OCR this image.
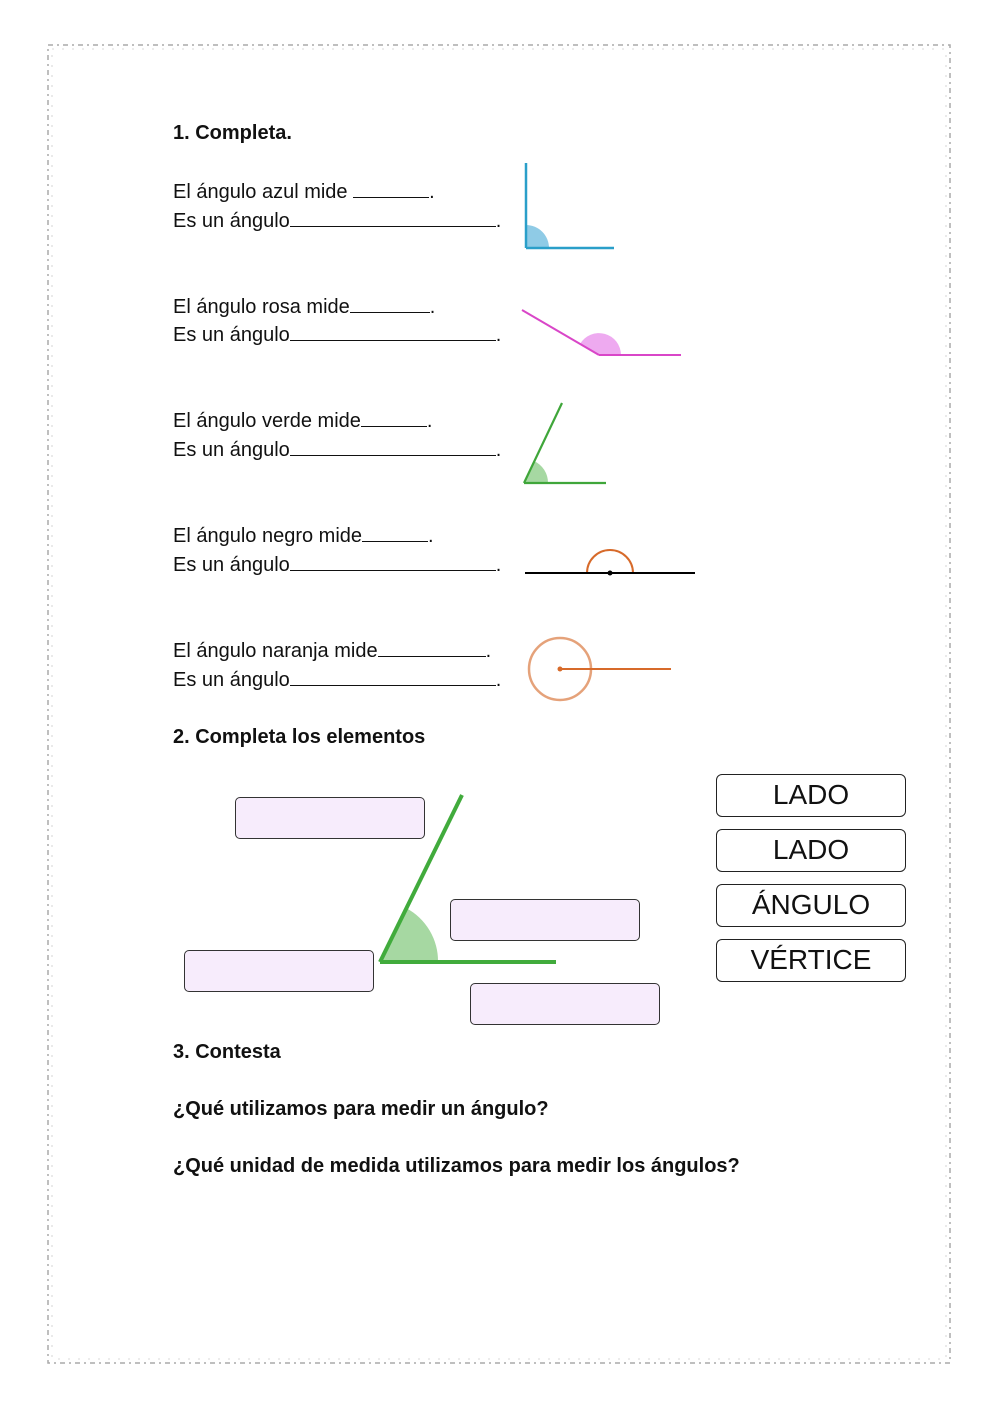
1. Completa.
El ángulo azul mide	.
Es un ángulo	.
El ángulo rosa mide	.
Es un ángulo	.
El ángulo verde mide	.
Es un ángulo	.
El ángulo negro mide	.
Es un ángulo	.
El ángulo naranja mide	.
Es un ángulo	.
2. Completa los elementos
LADO
LADO
ÁNGULO
VÉRTICE
3. Contesta
¿Qué utilizamos para medir un ángulo?
¿Qué unidad de medida utilizamos para medir los ángulos?
